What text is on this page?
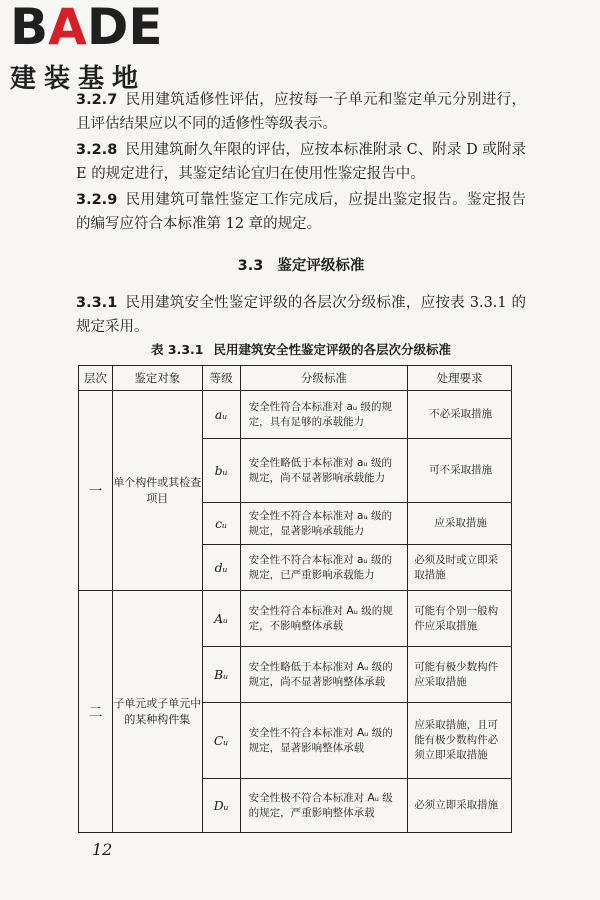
BADE
建装基地

3.2.7 民用建筑适修性评估，应按每一子单元和鉴定单元分别进行，且评估结果应以不同的适修性等级表示。

3.2.8 民用建筑耐久年限的评估，应按本标准附录 C、附录 D 或附录 E 的规定进行，其鉴定结论宜归在使用性鉴定报告中。

3.2.9 民用建筑可靠性鉴定工作完成后，应提出鉴定报告。鉴定报告的编写应符合本标准第 12 章的规定。

3.3 鉴定评级标准

3.3.1 民用建筑安全性鉴定评级的各层次分级标准，应按表 3.3.1 的规定采用。

表 3.3.1 民用建筑安全性鉴定评级的各层次分级标准
层次	鉴定对象	等级	分级标准	处理要求
一	单个构件或其检查项目	aᵤ	安全性符合本标准对 aᵤ 级的规定，具有足够的承载能力	不必采取措施
		bᵤ	安全性略低于本标准对 aᵤ 级的规定，尚不显著影响承载能力	可不采取措施
		cᵤ	安全性不符合本标准对 aᵤ 级的规定，显著影响承载能力	应采取措施
		dᵤ	安全性不符合本标准对 aᵤ 级的规定，已严重影响承载能力	必须及时或立即采取措施
二	子单元或子单元中的某种构件集	Aᵤ	安全性符合本标准对 Aᵤ 级的规定，不影响整体承载	可能有个别一般构件应采取措施
		Bᵤ	安全性略低于本标准对 Aᵤ 级的规定，尚不显著影响整体承载	可能有极少数构件应采取措施
		Cᵤ	安全性不符合本标准对 Aᵤ 级的规定，显著影响整体承载	应采取措施，且可能有极少数构件必须立即采取措施
		Dᵤ	安全性极不符合本标准对 Aᵤ 级的规定，严重影响整体承载	必须立即采取措施
12
